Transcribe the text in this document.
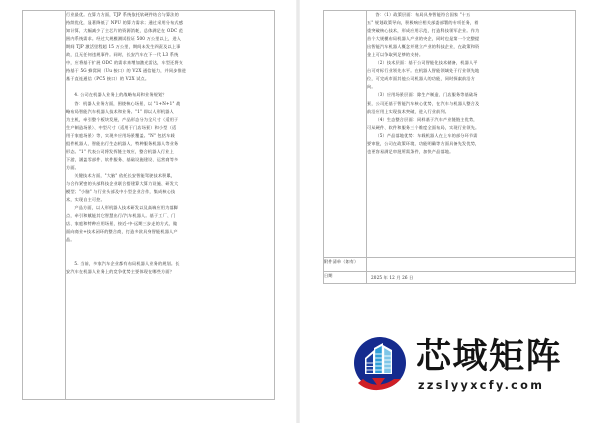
行业最优。在算力方面，TJP 系统依托软硬件结合与算法的

持续优化，显著降低了 NPU 的算力需求；通过采用分布式感

知计算，大幅减少了主芯片的资源消耗，总体满足在 ODC 范

围内系统需求。经过大规模测试验证 500 万公里以上，进入

期间 TJP 激活里程超 15 万公里，期间未发生四责及以上事

故，且无任何违规事件。同时，长安汽车在下一代 L3 系统

中，应将基于扩展 ODC 的需求来增加激光雷达，车型还将支

持基于 5G 蜂窝网（Uu 接口）的 V2X 通信能力，并同步推进

基于直连通信（PC5 接口）的 V2X 试点。

4. 公司在机器人业务上的战略布局和业务规划？

答：机器人业务方面，围绕核心场景，以 "1+N+1" 战

略布局智能汽车机器人技术和业务。"1" 即以人形机器人

为主机，牵引整个板块发展，产品形态分为全尺寸（适用于

生产制造场景）、中型尺寸（适用于门店场景）和小型（适

用于家庭场景）等，实现多应用场景覆盖。"N" 包括车载

组件机器人、智能出行生态机器人、特种服务机器人等业务

形态。"1" 代表公司将发挥链主效应，整合机器人行业上

下游，涵盖零部件、软件服务、基础设施建设、运营商等多

方面。

关键技术方面，"大脑" 依托长安智能驾驶技术积累，

与合作紧密的头部科技企业联合搭建算大算力设施、研发大

模型；"小脑" 与行业头部及中小型企业合作，集成核心技

术，实现自主可控。

产品方面，以人形机器人技术研发以及高端应用为落脚

点，牵引和赋能其它智慧出行/汽车机器人。基于工厂、门

店、家庭和特种应用场景，按近-中-远期三步走的方式，做

面向商业+技术闭环的整合商，打造多款具身智能机器人产

品。

5. 当前，多家汽车企业都有布局机器人业务的规划。长

安汽车在机器人业务上的竞争优势主要体现在哪些方面？

答：（1）政策层面：布局具身智能符合国家 "十五

五" 规划政策导向，积极响应相关部委部署的专项任务，着

重突破核心技术，形成应用示范，打造科技领军企业。作为

首个大规模布局机器人产业的央企，同时也是第一个完整提

出智能汽车机器人概念并建立产业的科技企业，在政策和资

金上可以争取到足够的支持。

（2）技术层面：基于公司智能化技术储备，机器人平

台可对标行业领先水平。在机器人智能领域处于行业领先地

位，可完成市面其他公司机器人的功能，同时探索前沿方

向。

（3）应用场景层面：除生产制造、门店服务等基础场

景，公司还基于智能汽车核心优势，在汽车与机器人整合及

前沿应用上实现技术突破，进入行业前列。

（4）生态整合层面：同样基于汽车产业链链主优势，

可从硬件、软件和服务三个维度全面布局，实现行业领先。

（5）产品落地优势：车载机器人在上车的部分环节需

要审批，公司在政策环境、功能明确等方面具备先发优势，

也更容易满足审批所需条件，加快产品落地。

附件清单（如有）	

日期	2025 年 12 月 26 日

芯域矩阵
zzslyyxcfy.com
